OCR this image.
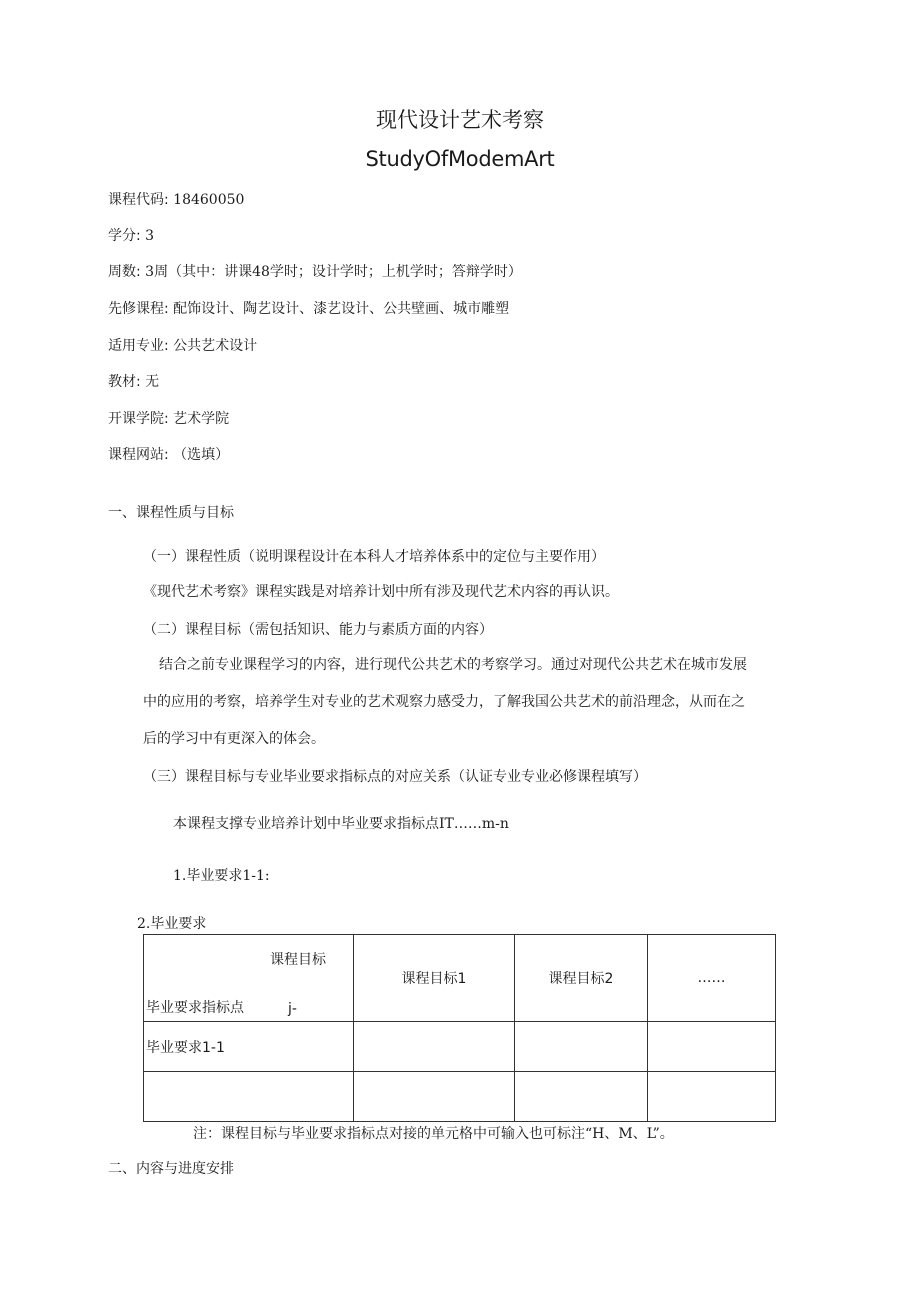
现代设计艺术考察
StudyOfModemArt
课程代码: 18460050
学分: 3
周数: 3周（其中：讲课48学时；设计学时；上机学时；答辩学时）
先修课程: 配饰设计、陶艺设计、漆艺设计、公共壁画、城市雕塑
适用专业: 公共艺术设计
教材: 无
开课学院: 艺术学院
课程网站: （选填）
一、课程性质与目标
（一）课程性质（说明课程设计在本科人才培养体系中的定位与主要作用）
《现代艺术考察》课程实践是对培养计划中所有涉及现代艺术内容的再认识。
（二）课程目标（需包括知识、能力与素质方面的内容）
结合之前专业课程学习的内容，进行现代公共艺术的考察学习。通过对现代公共艺术在城市发展
中的应用的考察，培养学生对专业的艺术观察力感受力，了解我国公共艺术的前沿理念，从而在之
后的学习中有更深入的体会。
（三）课程目标与专业毕业要求指标点的对应关系（认证专业专业必修课程填写）
本课程支撑专业培养计划中毕业要求指标点IT……m-n
1.毕业要求1-1:
2.毕业要求
课程目标
毕业要求指标点 j-	课程目标1	课程目标2	……
毕业要求1-1			

注：课程目标与毕业要求指标点对接的单元格中可输入也可标注“H、M、L”。
二、内容与进度安排
